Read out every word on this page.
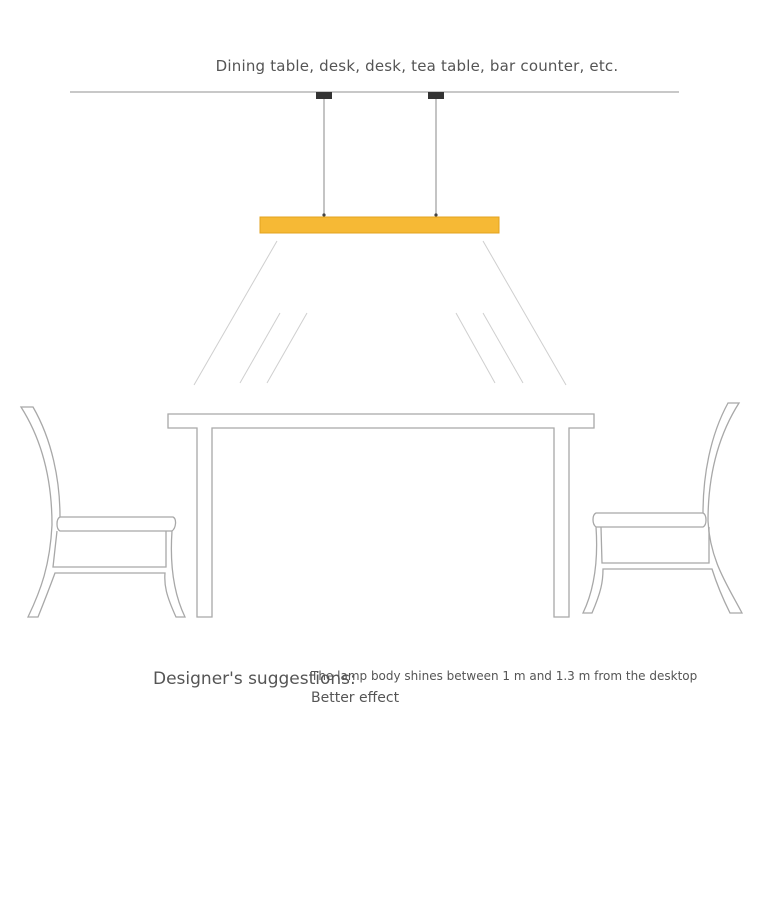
Dining table, desk, desk, tea table, bar counter, etc.
Designer's suggestions:
The lamp body shines between 1 m and 1.3 m from the desktop
Better effect
